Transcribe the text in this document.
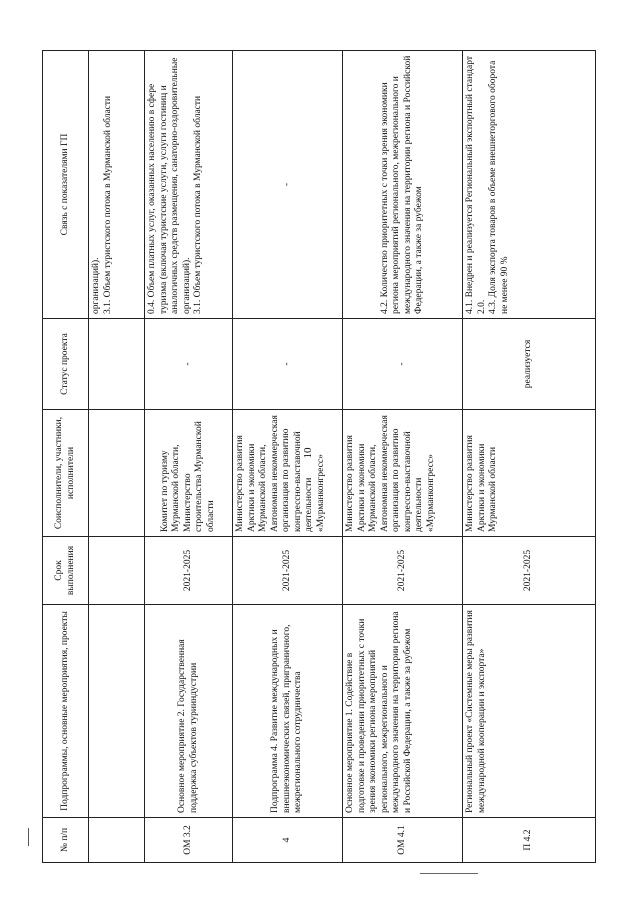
10
№ п/п	Подпрограммы, основные мероприятия, проекты	Срок выполнения	Соисполнители, участники, исполнители	Статус проекта	Связь с показателями ГП
					организаций).
3.1. Объем туристского потока в Мурманской области
ОМ 3.2	Основное мероприятие 2. Государственная поддержка субъектов турииндустрии	2021-2025	Комитет по туризму Мурманской области, Министерство строительства Мурманской области	-	0.4. Объем платных услуг, оказанных населению в сфере туризма (включая туристские услуги, услуги гостиниц и аналогичных средств размещения, санаторно-оздоровительные организаций).
3.1. Объем туристского потока в Мурманской области
4	Подпрограмма 4. Развитие международных и внешнеэкономических связей, приграничного, межрегионального сотрудничества	2021-2025	Министерство развития Арктики и экономики Мурманской области, Автономная некоммерческая организация по развитию конгрессно-выставочной деятельности «Мурманконгресс»	-	-
ОМ 4.1	Основное мероприятие 1. Содействие в подготовке и проведении приоритетных с точки зрения экономики региона мероприятий регионального, межрегионального и международного значения на территории региона и Российской Федерации, а также за рубежом	2021-2025	Министерство развития Арктики и экономики Мурманской области, Автономная некоммерческая организация по развитию конгрессно-выставочной деятельности «Мурманконгресс»	-	4.2. Количество приоритетных с точки зрения экономики региона мероприятий регионального, межрегионального и международного значения на территории региона и Российской Федерации, а также за рубежом
П 4.2	Региональный проект «Системные меры развития международной кооперации и экспорта»	2021-2025	Министерство развития Арктики и экономики Мурманской области	реализуется	4.1. Внедрен и реализуется Региональный экспортный стандарт 2.0.
4.3. Доля экспорта товаров в объеме внешнеторгового оборота не менее 90 %
